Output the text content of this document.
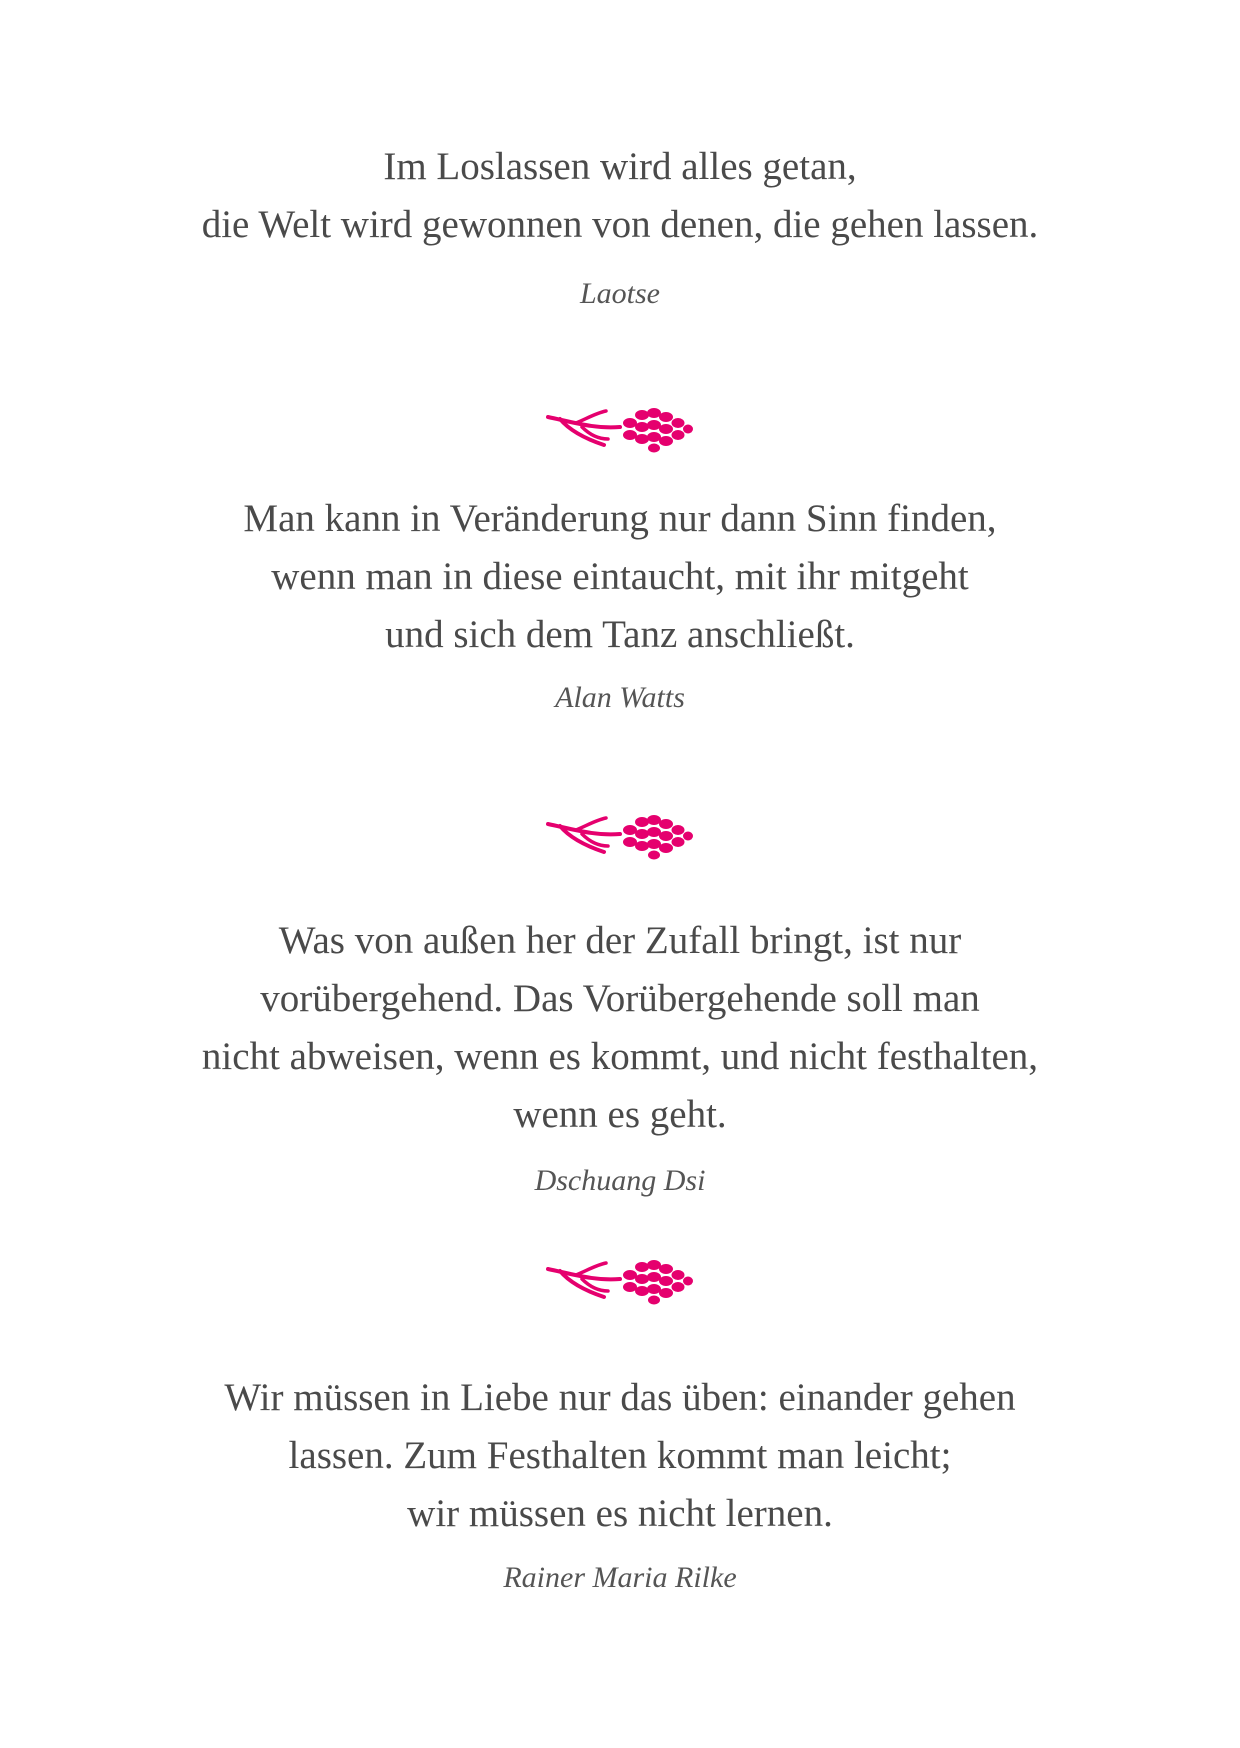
Im Loslassen wird alles getan,
die Welt wird gewonnen von denen, die gehen lassen.

Laotse

Man kann in Veränderung nur dann Sinn finden,
wenn man in diese eintaucht, mit ihr mitgeht
und sich dem Tanz anschließt.

Alan Watts

Was von außen her der Zufall bringt, ist nur
vorübergehend. Das Vorübergehende soll man
nicht abweisen, wenn es kommt, und nicht festhalten,
wenn es geht.

Dschuang Dsi

Wir müssen in Liebe nur das üben: einander gehen
lassen. Zum Festhalten kommt man leicht;
wir müssen es nicht lernen.

Rainer Maria Rilke
